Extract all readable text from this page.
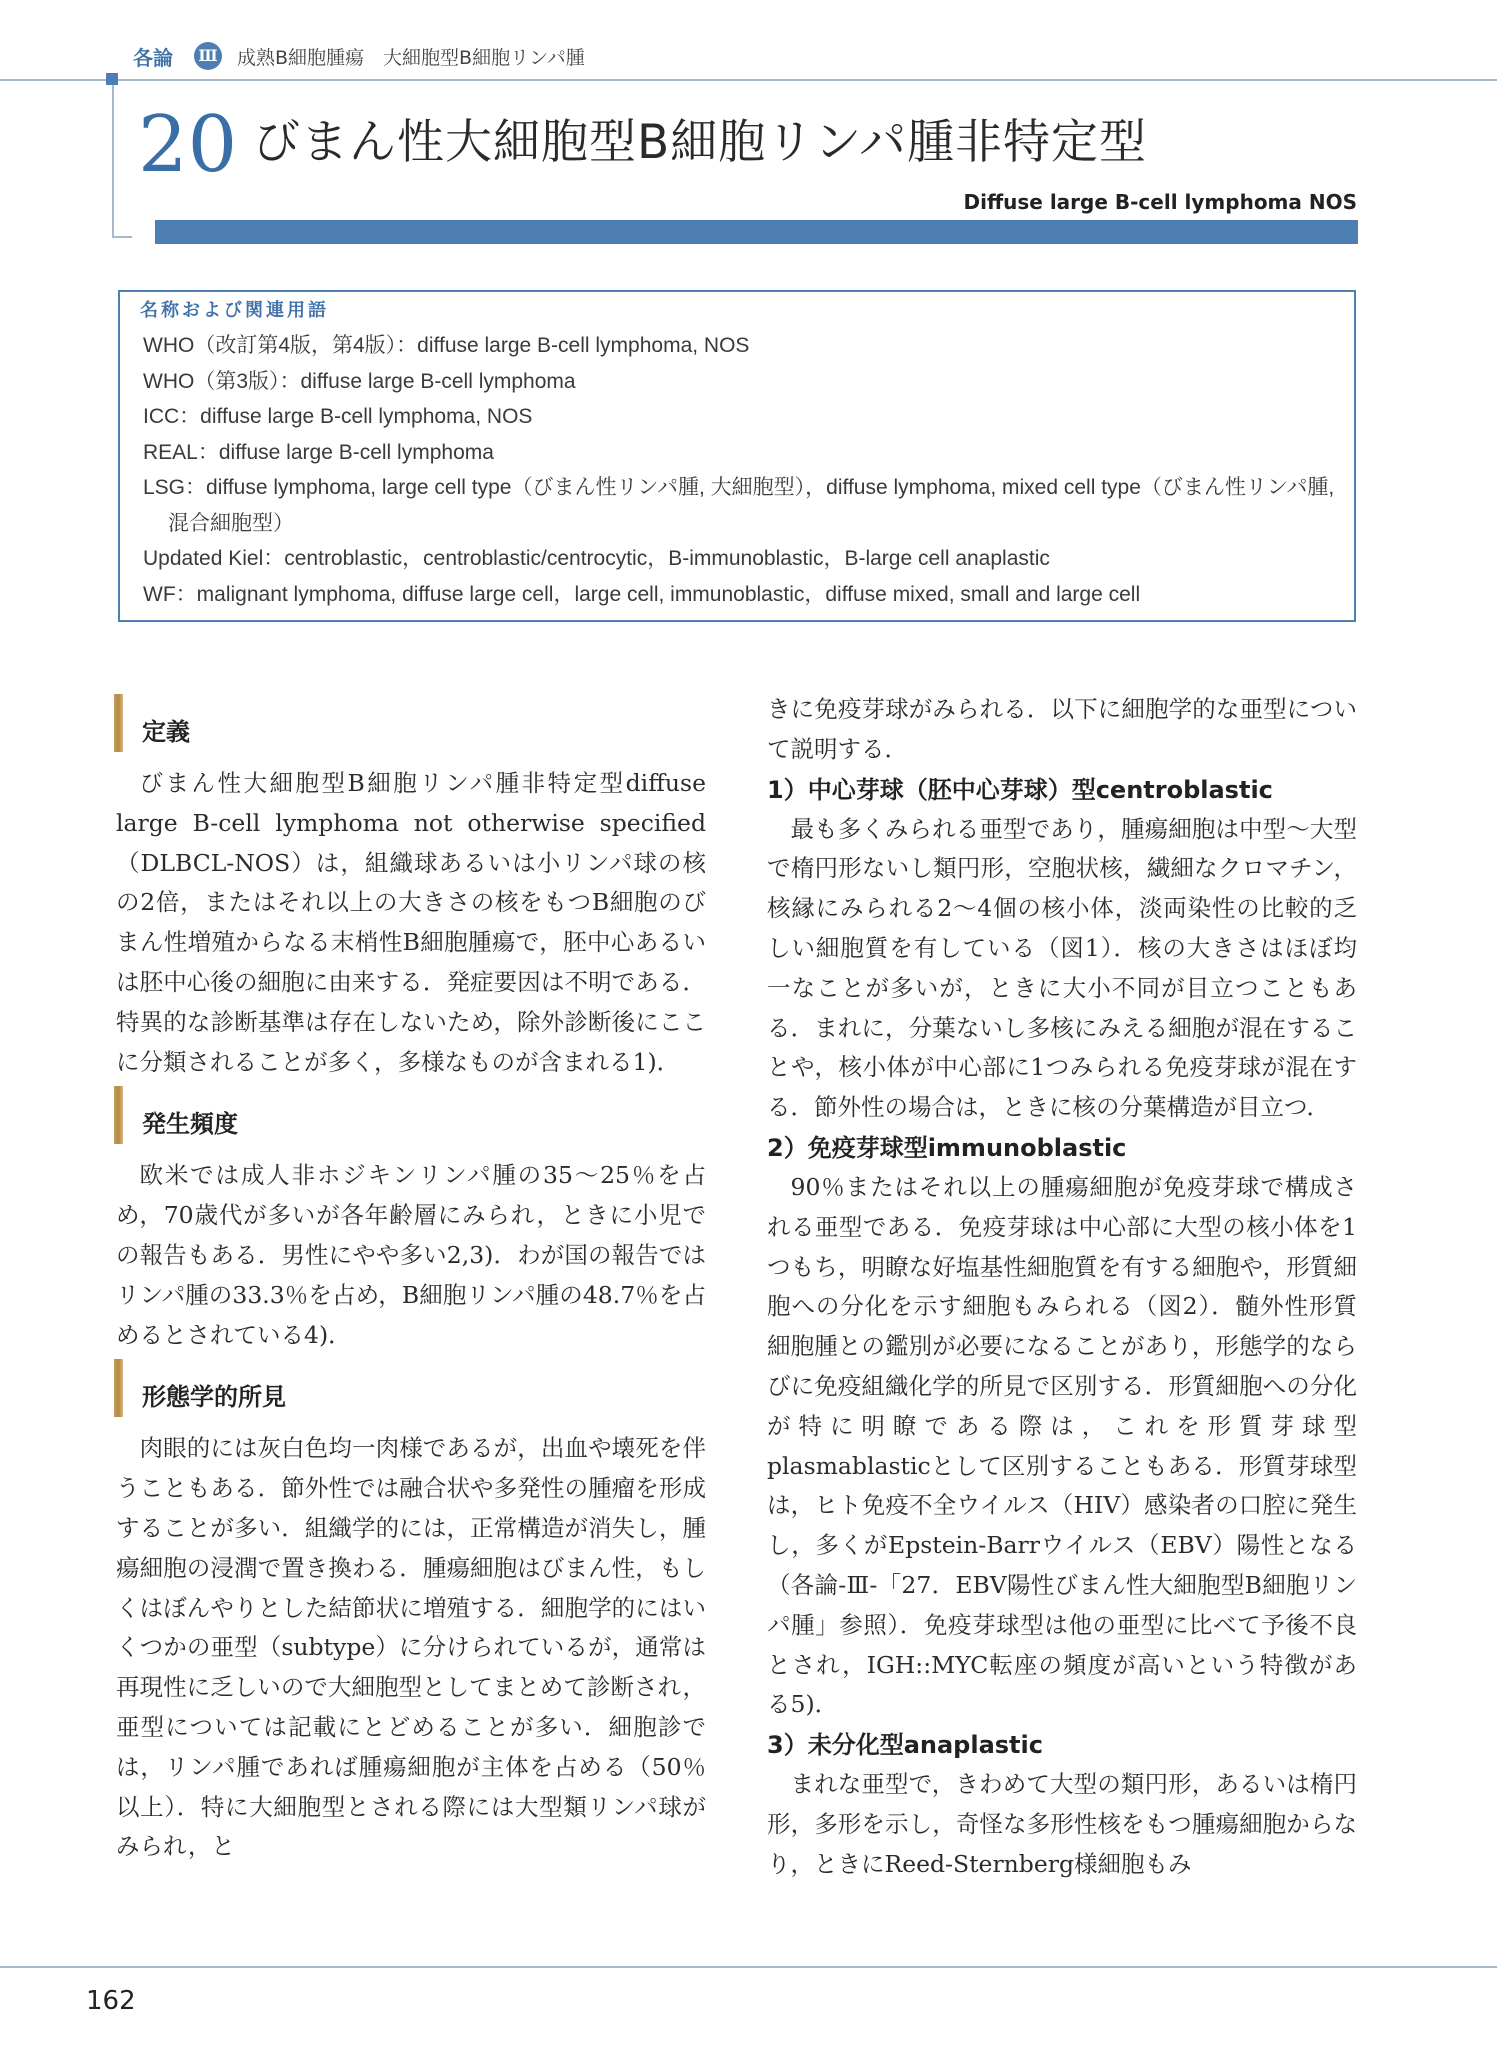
各論 Ⅲ 成熟B細胞腫瘍　大細胞型B細胞リンパ腫
20 びまん性大細胞型B細胞リンパ腫非特定型
Diffuse large B-cell lymphoma NOS
名称および関連用語
WHO（改訂第4版，第4版）：diffuse large B-cell lymphoma, NOS
WHO（第3版）：diffuse large B-cell lymphoma
ICC：diffuse large B-cell lymphoma, NOS
REAL：diffuse large B-cell lymphoma
LSG：diffuse lymphoma, large cell type（びまん性リンパ腫, 大細胞型），diffuse lymphoma, mixed cell type（びまん性リンパ腫, 混合細胞型）
Updated Kiel：centroblastic，centroblastic/centrocytic，B-immunoblastic，B-large cell anaplastic
WF：malignant lymphoma, diffuse large cell，large cell, immunoblastic，diffuse mixed, small and large cell
定義

びまん性大細胞型B細胞リンパ腫非特定型diffuse large B-cell lymphoma not otherwise specified（DLBCL-NOS）は，組織球あるいは小リンパ球の核の2倍，またはそれ以上の大きさの核をもつB細胞のびまん性増殖からなる末梢性B細胞腫瘍で，胚中心あるいは胚中心後の細胞に由来する．発症要因は不明である．特異的な診断基準は存在しないため，除外診断後にここに分類されることが多く，多様なものが含まれる1)．

発生頻度

欧米では成人非ホジキンリンパ腫の35〜25％を占め，70歳代が多いが各年齢層にみられ，ときに小児での報告もある．男性にやや多い2,3)．わが国の報告ではリンパ腫の33.3％を占め，B細胞リンパ腫の48.7％を占めるとされている4)．

形態学的所見

肉眼的には灰白色均一肉様であるが，出血や壊死を伴うこともある．節外性では融合状や多発性の腫瘤を形成することが多い．組織学的には，正常構造が消失し，腫瘍細胞の浸潤で置き換わる．腫瘍細胞はびまん性，もしくはぼんやりとした結節状に増殖する．細胞学的にはいくつかの亜型（subtype）に分けられているが，通常は再現性に乏しいので大細胞型としてまとめて診断され，亜型については記載にとどめることが多い．細胞診では，リンパ腫であれば腫瘍細胞が主体を占める（50％以上）．特に大細胞型とされる際には大型類リンパ球がみられ，と

きに免疫芽球がみられる．以下に細胞学的な亜型について説明する．

1）中心芽球（胚中心芽球）型centroblastic

最も多くみられる亜型であり，腫瘍細胞は中型〜大型で楕円形ないし類円形，空胞状核，繊細なクロマチン，核縁にみられる2〜4個の核小体，淡両染性の比較的乏しい細胞質を有している（図1）．核の大きさはほぼ均一なことが多いが，ときに大小不同が目立つこともある．まれに，分葉ないし多核にみえる細胞が混在することや，核小体が中心部に1つみられる免疫芽球が混在する．節外性の場合は，ときに核の分葉構造が目立つ．

2）免疫芽球型immunoblastic

90％またはそれ以上の腫瘍細胞が免疫芽球で構成される亜型である．免疫芽球は中心部に大型の核小体を1つもち，明瞭な好塩基性細胞質を有する細胞や，形質細胞への分化を示す細胞もみられる（図2）．髄外性形質細胞腫との鑑別が必要になることがあり，形態学的ならびに免疫組織化学的所見で区別する．形質細胞への分化が特に明瞭である際は，これを形質芽球型plasmablasticとして区別することもある．形質芽球型は，ヒト免疫不全ウイルス（HIV）感染者の口腔に発生し，多くがEpstein-Barrウイルス（EBV）陽性となる（各論-Ⅲ-「27．EBV陽性びまん性大細胞型B細胞リンパ腫」参照）．免疫芽球型は他の亜型に比べて予後不良とされ，IGH::MYC転座の頻度が高いという特徴がある5)．

3）未分化型anaplastic

まれな亜型で，きわめて大型の類円形，あるいは楕円形，多形を示し，奇怪な多形性核をもつ腫瘍細胞からなり，ときにReed-Sternberg様細胞もみ

162
